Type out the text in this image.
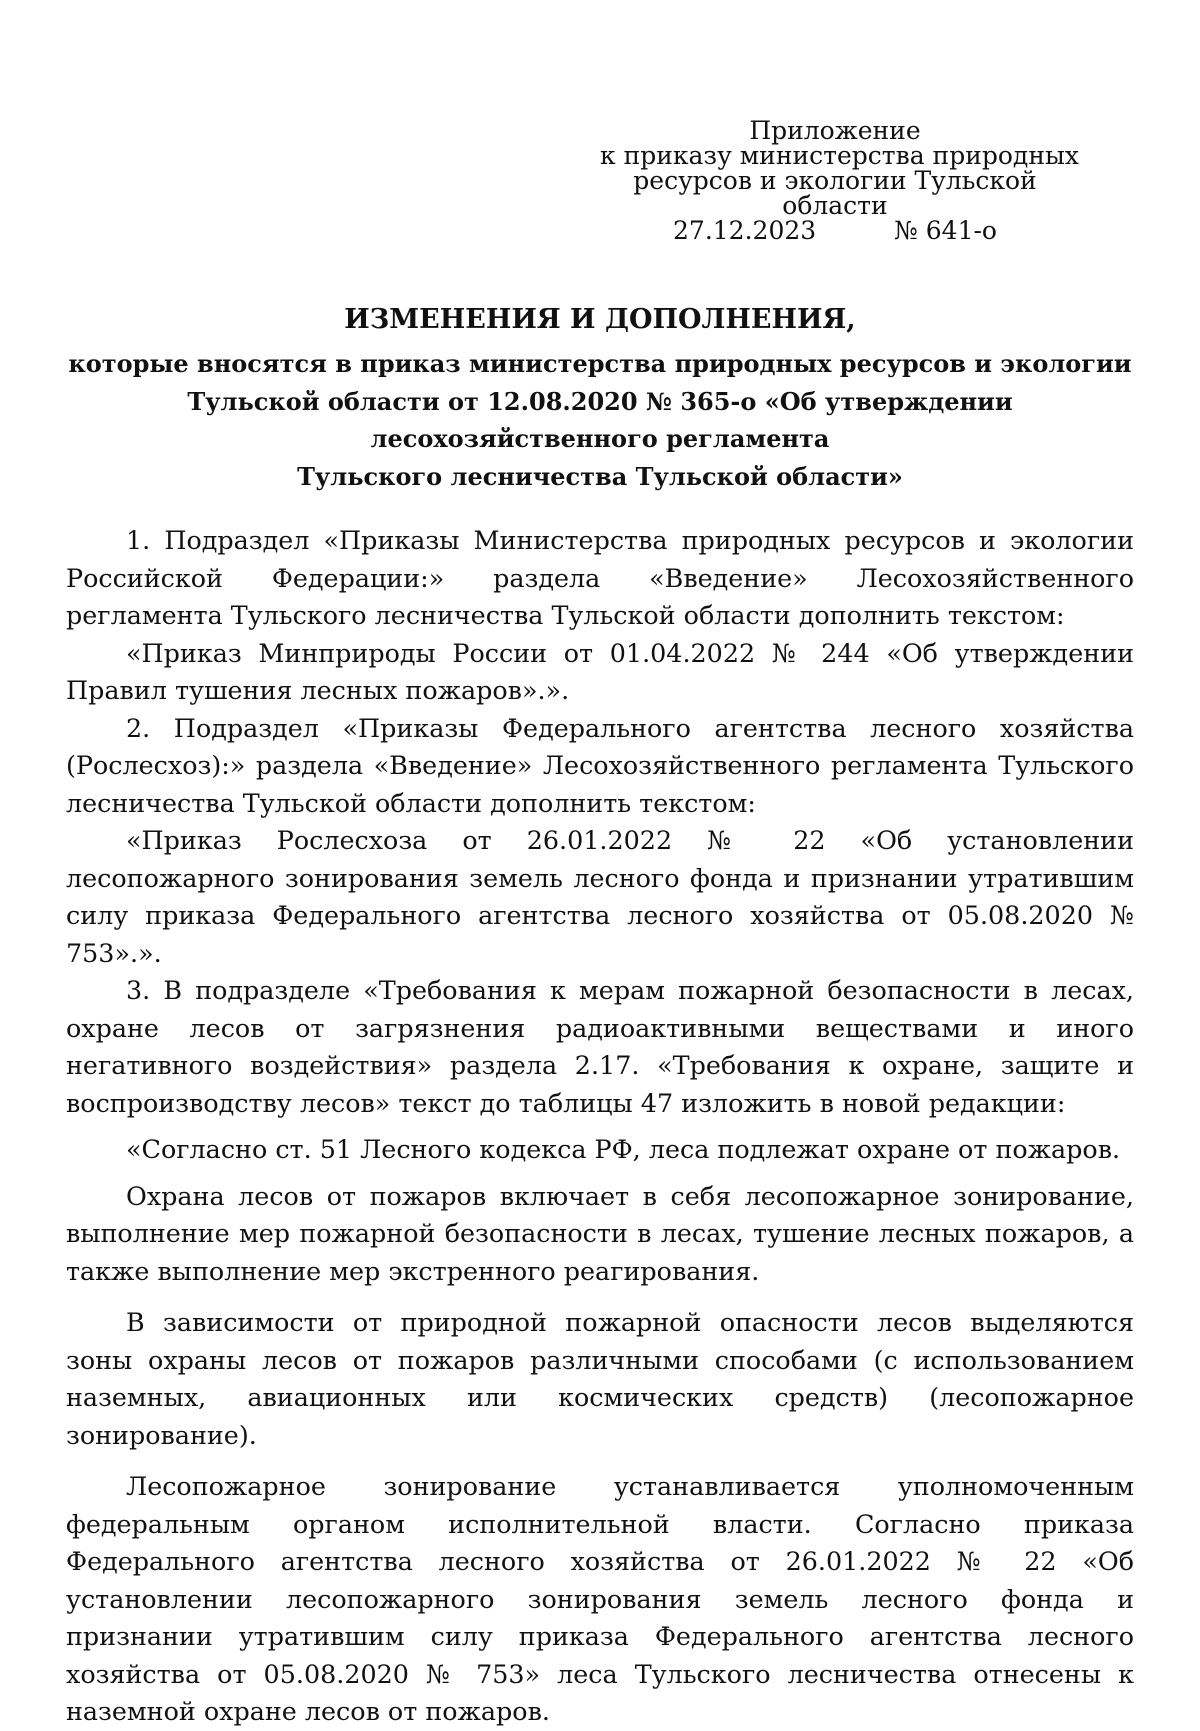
Приложение
к приказу министерства природных
ресурсов и экологии Тульской
области
27.12.2023	№ 641-о

ИЗМЕНЕНИЯ И ДОПОЛНЕНИЯ,

которые вносятся в приказ министерства природных ресурсов и экологии
Тульской области от 12.08.2020 № 365-о «Об утверждении
лесохозяйственного регламента
Тульского лесничества Тульской области»

1. Подраздел «Приказы Министерства природных ресурсов и экологии Российской Федерации:» раздела «Введение» Лесохозяйственного регламента Тульского лесничества Тульской области дополнить текстом:

«Приказ Минприроды России от 01.04.2022 № 244 «Об утверждении Правил тушения лесных пожаров».».

2. Подраздел «Приказы Федерального агентства лесного хозяйства (Рослесхоз):» раздела «Введение» Лесохозяйственного регламента Тульского лесничества Тульской области дополнить текстом:

«Приказ Рослесхоза от 26.01.2022 № 22 «Об установлении лесопожарного зонирования земель лесного фонда и признании утратившим силу приказа Федерального агентства лесного хозяйства от 05.08.2020 № 753».».

3. В подразделе «Требования к мерам пожарной безопасности в лесах, охране лесов от загрязнения радиоактивными веществами и иного негативного воздействия» раздела 2.17. «Требования к охране, защите и воспроизводству лесов» текст до таблицы 47 изложить в новой редакции:

«Согласно ст. 51 Лесного кодекса РФ, леса подлежат охране от пожаров.

Охрана лесов от пожаров включает в себя лесопожарное зонирование, выполнение мер пожарной безопасности в лесах, тушение лесных пожаров, а также выполнение мер экстренного реагирования.

В зависимости от природной пожарной опасности лесов выделяются зоны охраны лесов от пожаров различными способами (с использованием наземных, авиационных или космических средств) (лесопожарное зонирование).

Лесопожарное зонирование устанавливается уполномоченным федеральным органом исполнительной власти. Согласно приказа Федерального агентства лесного хозяйства от 26.01.2022 № 22 «Об установлении лесопожарного зонирования земель лесного фонда и признании утратившим силу приказа Федерального агентства лесного хозяйства от 05.08.2020 № 753» леса Тульского лесничества отнесены к наземной охране лесов от пожаров.
